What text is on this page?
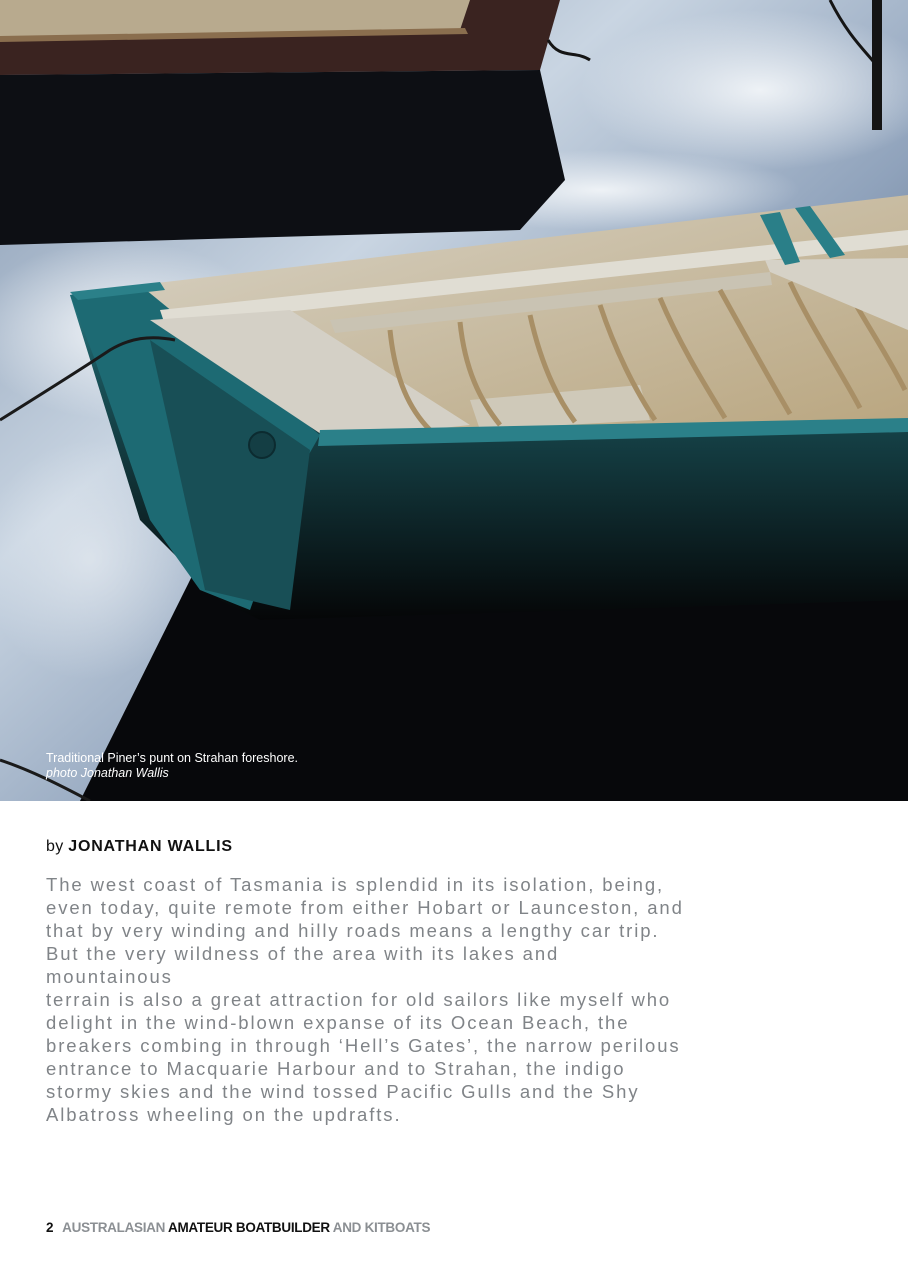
Traditional Piner’s punt on Strahan foreshore.
photo Jonathan Wallis
by JONATHAN WALLIS
The west coast of Tasmania is splendid in its isolation, being,
even today, quite remote from either Hobart or Launceston, and
that by very winding and hilly roads means a lengthy car trip.
But the very wildness of the area with its lakes and mountainous
terrain is also a great attraction for old sailors like myself who
delight in the wind-blown expanse of its Ocean Beach, the
breakers combing in through ‘Hell’s Gates’, the narrow perilous
entrance to Macquarie Harbour and to Strahan, the indigo
stormy skies and the wind tossed Pacific Gulls and the Shy
Albatross wheeling on the updrafts.
2 AUSTRALASIAN AMATEUR BOATBUILDER AND KITBOATS
